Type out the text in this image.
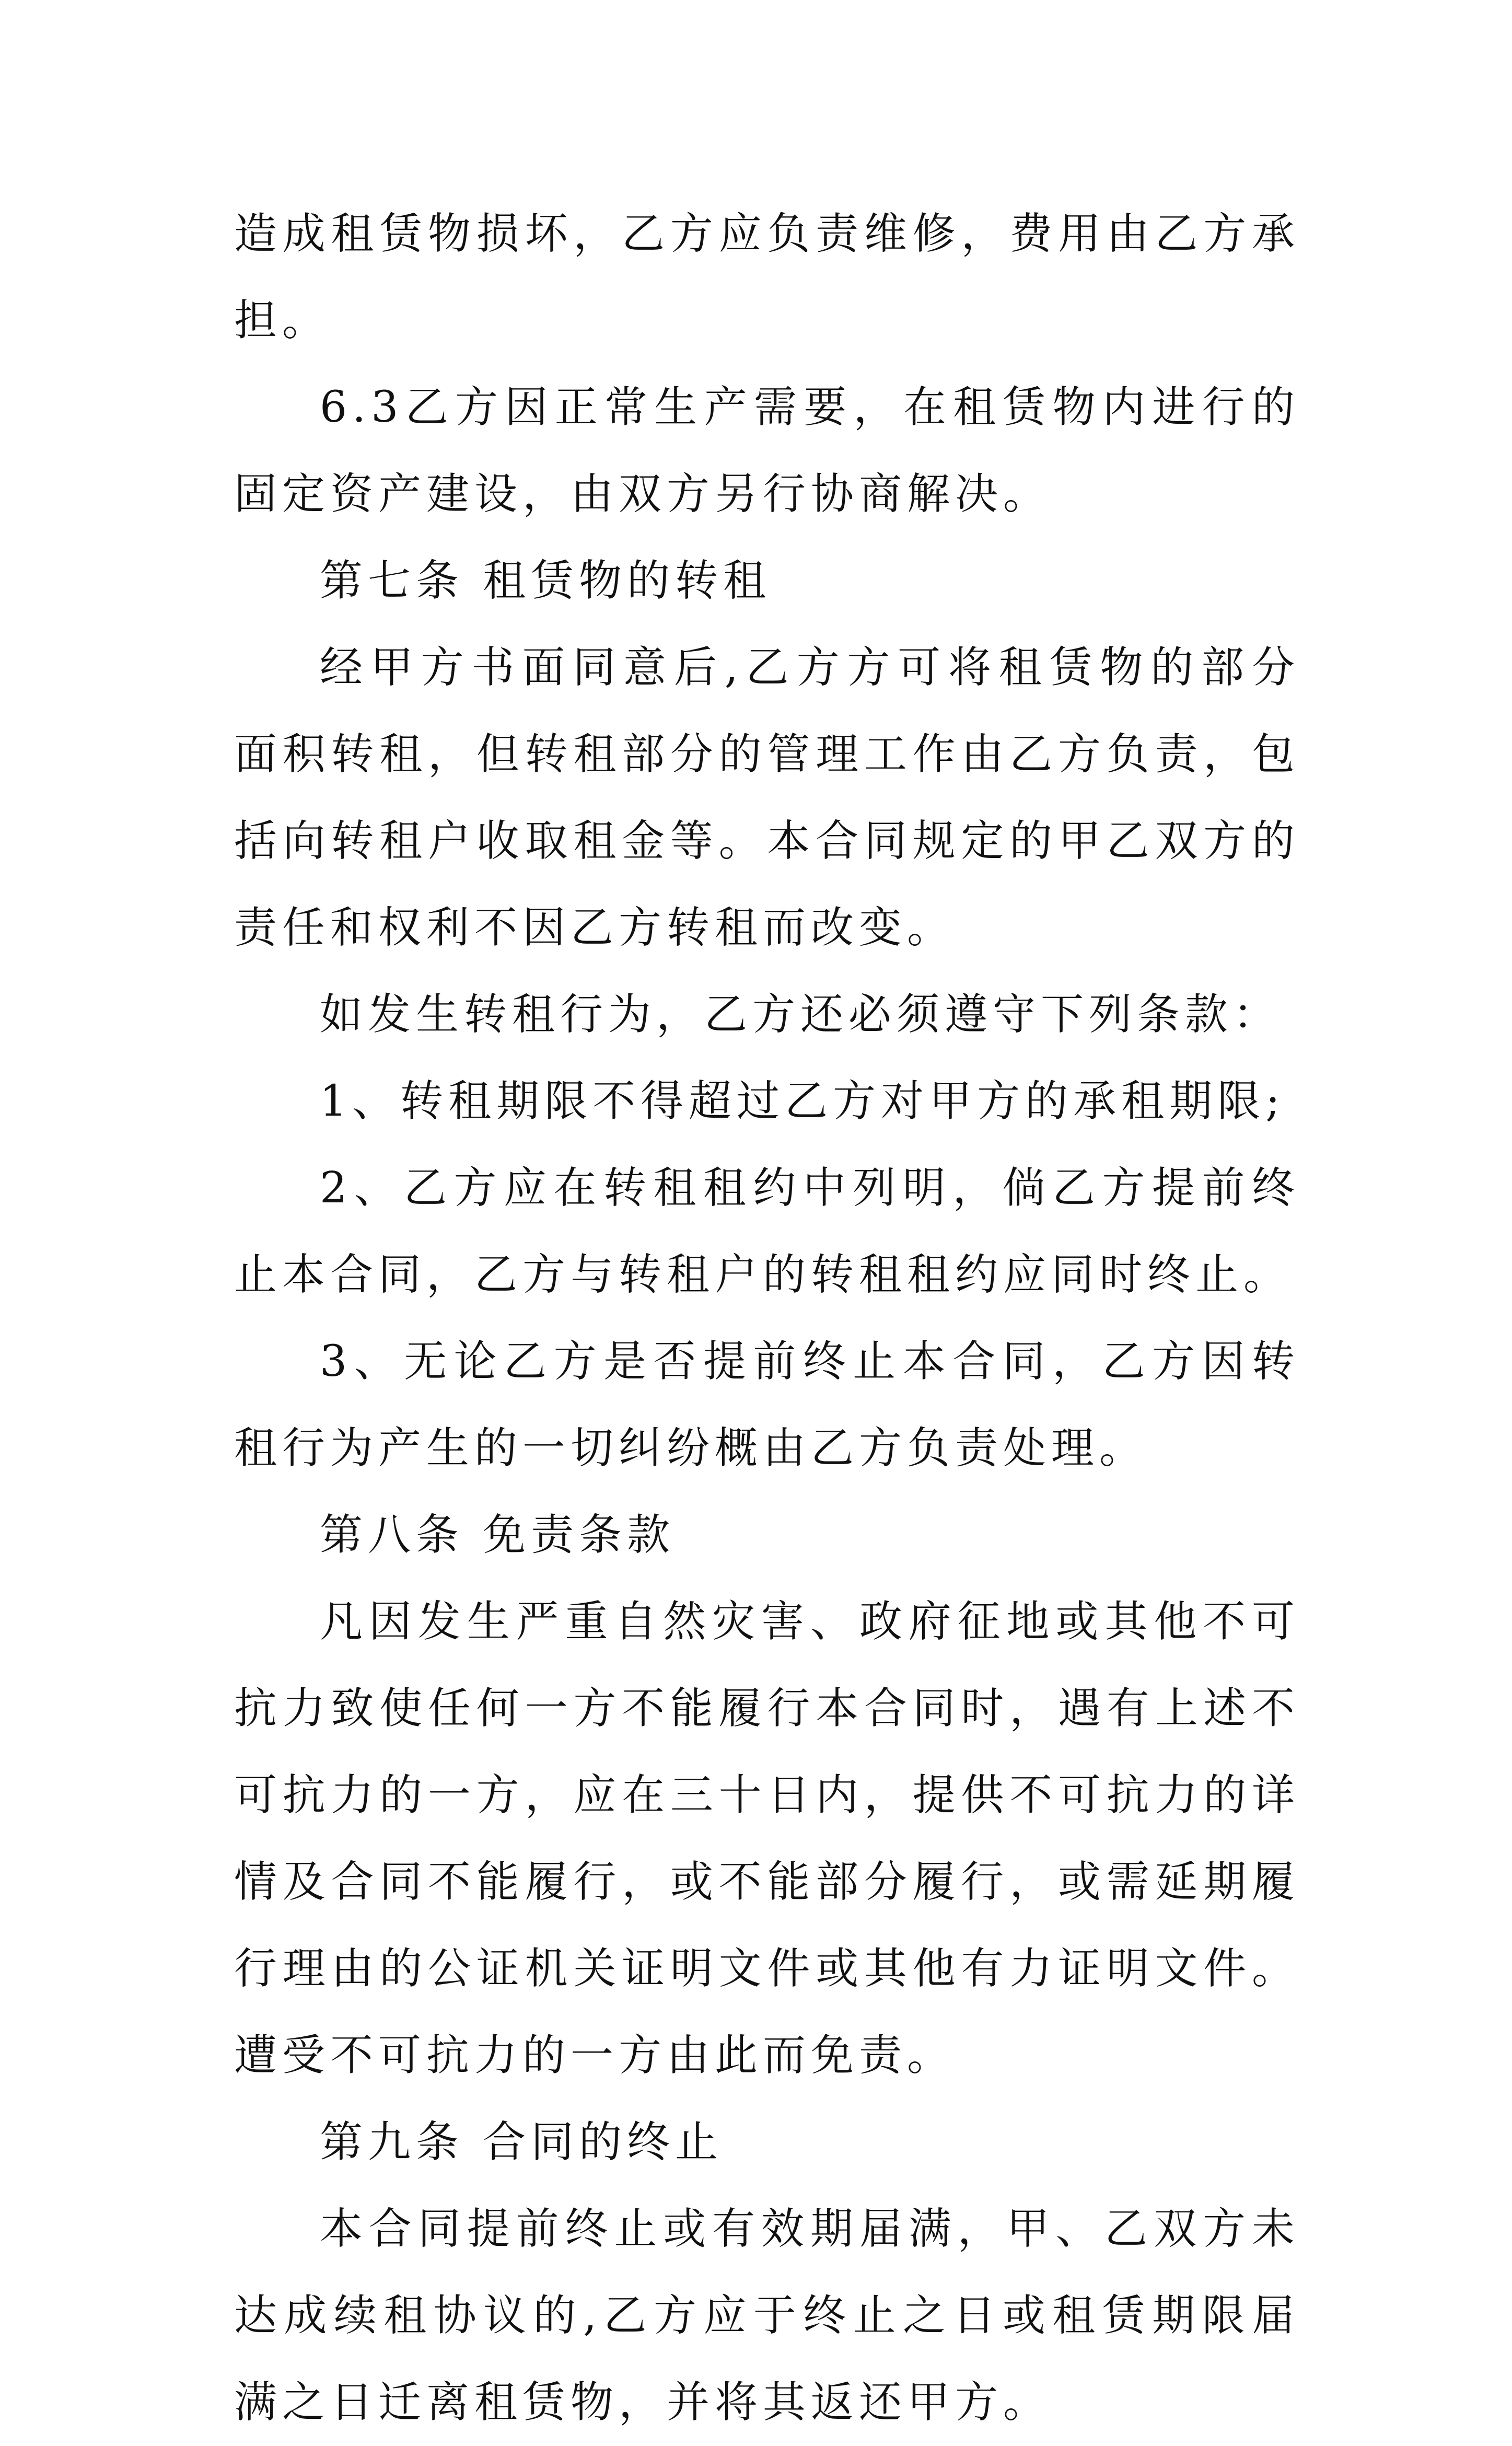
造成租赁物损坏，乙方应负责维修，费用由乙方承担。

6.3乙方因正常生产需要，在租赁物内进行的固定资产建设，由双方另行协商解决。

第七条 租赁物的转租

经甲方书面同意后,乙方方可将租赁物的部分面积转租，但转租部分的管理工作由乙方负责，包括向转租户收取租金等。本合同规定的甲乙双方的责任和权利不因乙方转租而改变。

如发生转租行为，乙方还必须遵守下列条款：

1、转租期限不得超过乙方对甲方的承租期限;

2、乙方应在转租租约中列明，倘乙方提前终止本合同，乙方与转租户的转租租约应同时终止。

3、无论乙方是否提前终止本合同，乙方因转租行为产生的一切纠纷概由乙方负责处理。

第八条 免责条款

凡因发生严重自然灾害、政府征地或其他不可抗力致使任何一方不能履行本合同时，遇有上述不可抗力的一方，应在三十日内，提供不可抗力的详情及合同不能履行，或不能部分履行，或需延期履行理由的公证机关证明文件或其他有力证明文件。遭受不可抗力的一方由此而免责。

第九条 合同的终止

本合同提前终止或有效期届满，甲、乙双方未达成续租协议的,乙方应于终止之日或租赁期限届满之日迁离租赁物，并将其返还甲方。
